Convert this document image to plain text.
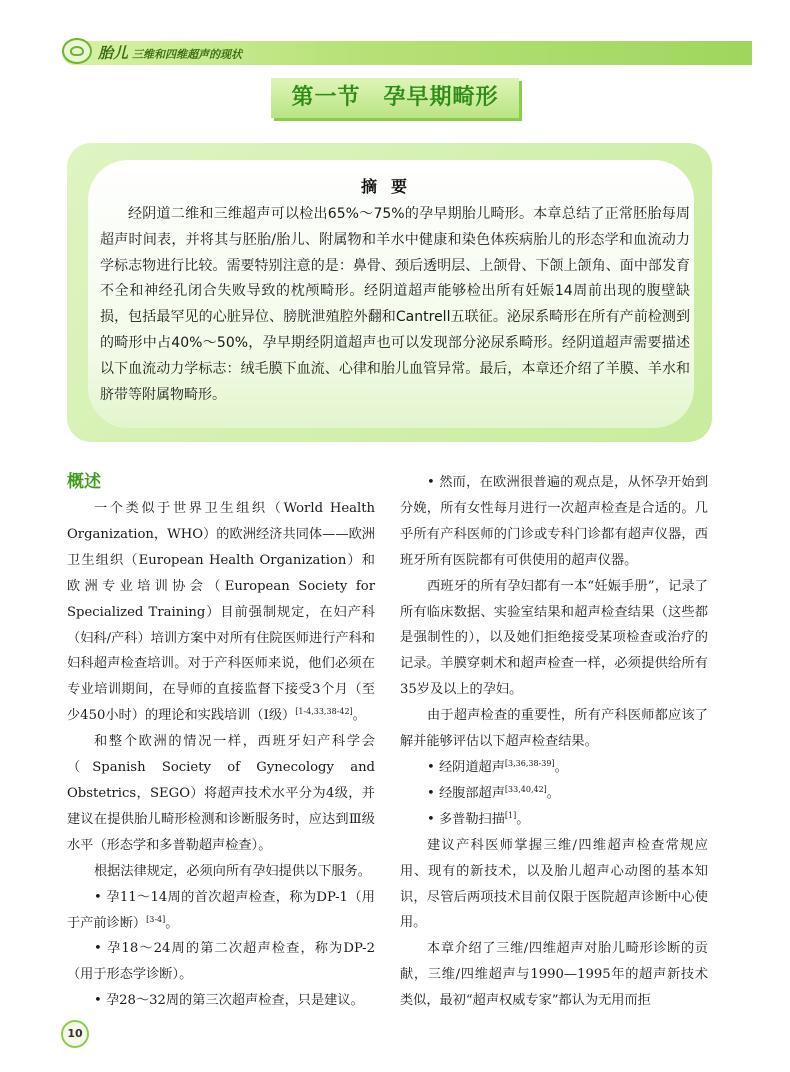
胎儿 三维和四维超声的现状
第一节　孕早期畸形
摘要

经阴道二维和三维超声可以检出65%～75%的孕早期胎儿畸形。本章总结了正常胚胎每周超声时间表，并将其与胚胎/胎儿、附属物和羊水中健康和染色体疾病胎儿的形态学和血流动力学标志物进行比较。需要特别注意的是：鼻骨、颈后透明层、上颌骨、下颌上颌角、面中部发育不全和神经孔闭合失败导致的枕颅畸形。经阴道超声能够检出所有妊娠14周前出现的腹壁缺损，包括最罕见的心脏异位、膀胱泄殖腔外翻和Cantrell五联征。泌尿系畸形在所有产前检测到的畸形中占40%～50%，孕早期经阴道超声也可以发现部分泌尿系畸形。经阴道超声需要描述以下血流动力学标志：绒毛膜下血流、心律和胎儿血管异常。最后，本章还介绍了羊膜、羊水和脐带等附属物畸形。

概述

一个类似于世界卫生组织（World Health Organization，WHO）的欧洲经济共同体——欧洲卫生组织（European Health Organization）和欧洲专业培训协会（European Society for Specialized Training）目前强制规定，在妇产科（妇科/产科）培训方案中对所有住院医师进行产科和妇科超声检查培训。对于产科医师来说，他们必须在专业培训期间，在导师的直接监督下接受3个月（至少450小时）的理论和实践培训（Ⅰ级）[1-4,33,38-42]。

和整个欧洲的情况一样，西班牙妇产科学会（Spanish Society of Gynecology and Obstetrics，SEGO）将超声技术水平分为4级，并建议在提供胎儿畸形检测和诊断服务时，应达到Ⅲ级水平（形态学和多普勒超声检查）。

根据法律规定，必须向所有孕妇提供以下服务。

• 孕11～14周的首次超声检查，称为DP-1（用于产前诊断）[3-4]。

• 孕18～24周的第二次超声检查，称为DP-2（用于形态学诊断）。

• 孕28～32周的第三次超声检查，只是建议。

• 然而，在欧洲很普遍的观点是，从怀孕开始到分娩，所有女性每月进行一次超声检查是合适的。几乎所有产科医师的门诊或专科门诊都有超声仪器，西班牙所有医院都有可供使用的超声仪器。

西班牙的所有孕妇都有一本“妊娠手册”，记录了所有临床数据、实验室结果和超声检查结果（这些都是强制性的），以及她们拒绝接受某项检查或治疗的记录。羊膜穿刺术和超声检查一样，必须提供给所有35岁及以上的孕妇。

由于超声检查的重要性，所有产科医师都应该了解并能够评估以下超声检查结果。

• 经阴道超声[3,36,38-39]。

• 经腹部超声[33,40,42]。

• 多普勒扫描[1]。

建议产科医师掌握三维/四维超声检查常规应用、现有的新技术，以及胎儿超声心动图的基本知识，尽管后两项技术目前仅限于医院超声诊断中心使用。

本章介绍了三维/四维超声对胎儿畸形诊断的贡献，三维/四维超声与1990—1995年的超声新技术类似，最初“超声权威专家”都认为无用而拒

10
